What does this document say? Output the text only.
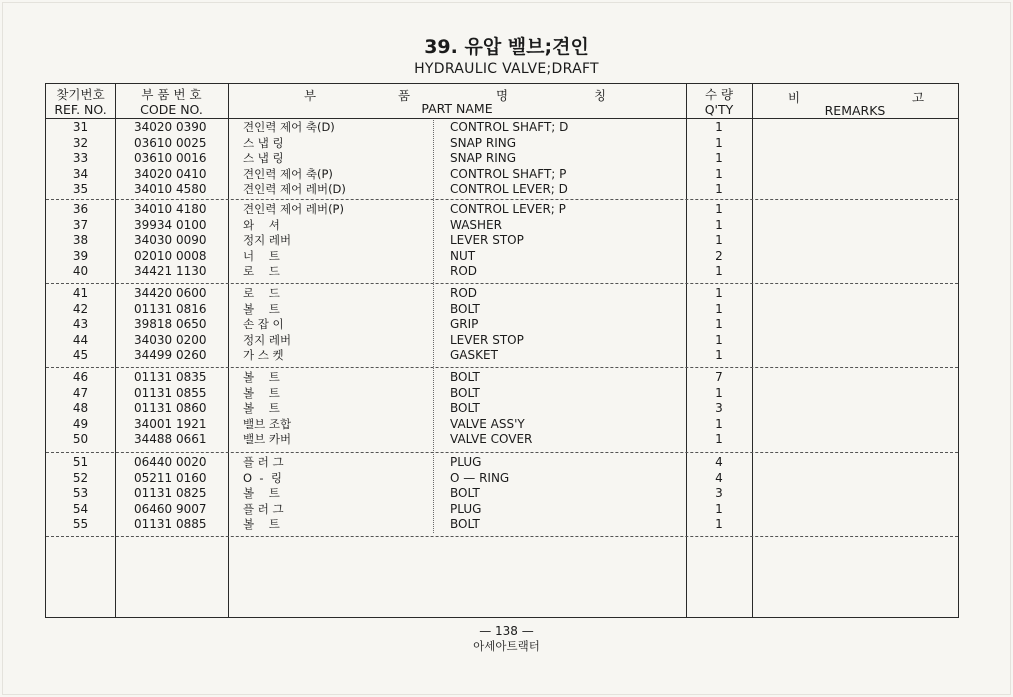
39. 유압 밸브;견인
HYDRAULIC VALVE;DRAFT
찾기번호
REF. NO.
부 품 번 호
CODE NO.
부	품	명	칭
PART NAME
수 량
Q'TY
비	고
REMARKS
31	34020 0390	견인력 제어 축(D)	CONTROL SHAFT; D	1
32	03610 0025	스 냅 링	SNAP RING	1
33	03610 0016	스 냅 링	SNAP RING	1
34	34020 0410	견인력 제어 축(P)	CONTROL SHAFT; P	1
35	34010 4580	견인력 제어 레버(D)	CONTROL LEVER; D	1
36	34010 4180	견인력 제어 레버(P)	CONTROL LEVER; P	1
37	39934 0100	와    셔	WASHER	1
38	34030 0090	정지 레버	LEVER STOP	1
39	02010 0008	너    트	NUT	2
40	34421 1130	로    드	ROD	1
41	34420 0600	로    드	ROD	1
42	01131 0816	볼    트	BOLT	1
43	39818 0650	손 잡 이	GRIP	1
44	34030 0200	정지 레버	LEVER STOP	1
45	34499 0260	가 스 켓	GASKET	1
46	01131 0835	볼    트	BOLT	7
47	01131 0855	볼    트	BOLT	1
48	01131 0860	볼    트	BOLT	3
49	34001 1921	밸브 조합	VALVE ASS'Y	1
50	34488 0661	밸브 카버	VALVE COVER	1
51	06440 0020	플 러 그	PLUG	4
52	05211 0160	O  -  링	O — RING	4
53	01131 0825	볼    트	BOLT	3
54	06460 9007	플 러 그	PLUG	1
55	01131 0885	볼    트	BOLT	1
— 138 —
아세아트랙터
